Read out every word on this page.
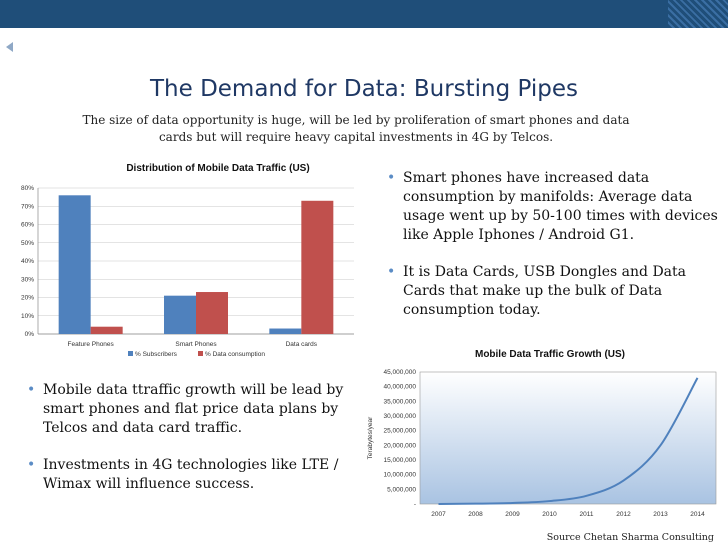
The Demand for Data: Bursting Pipes
The size of data opportunity is huge, will be led by proliferation of smart phones and data cards but will require heavy capital investments in 4G by Telcos.
Distribution of Mobile Data Traffic (US)
0%
10%
20%
30%
40%
50%
60%
70%
80%
Feature Phones	Smart Phones	Data cards
% Subscribers	% Data consumption
• Smart phones have increased data consumption by manifolds: Average data usage went up by 50-100 times with devices like Apple Iphones / Android G1.
• It is Data Cards, USB Dongles and Data Cards that make up the bulk of Data consumption today.
• Mobile data ttraffic growth will be lead by smart phones and flat price data plans by Telcos and data card traffic.
• Investments in 4G technologies like LTE / Wimax will influence success.
Mobile Data Traffic Growth (US)
-
5,000,000
10,000,000
15,000,000
20,000,000
25,000,000
30,000,000
35,000,000
40,000,000
45,000,000
Terabytes/year
2007	2008	2009	2010	2011	2012	2013	2014
Source Chetan Sharma Consulting
